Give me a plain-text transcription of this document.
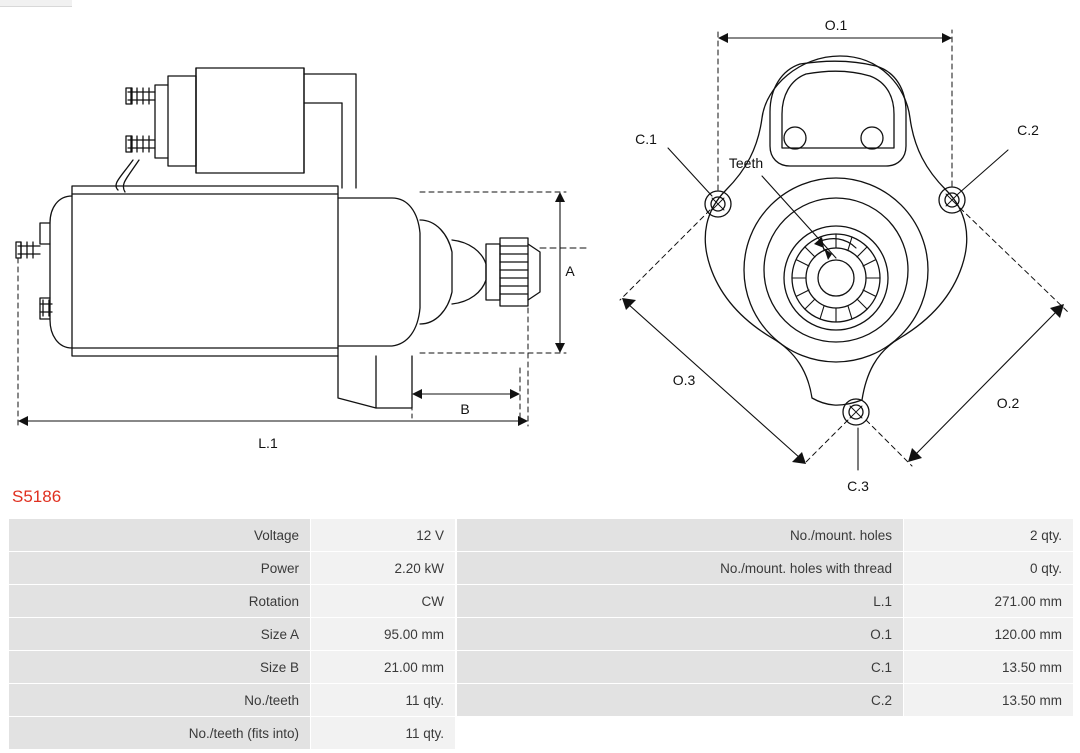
A
B
L.1
O.1
O.2
O.3
C.1
C.2
C.3
Teeth
S5186
Voltage	12 V
Power	2.20 kW
Rotation	CW
Size A	95.00 mm
Size B	21.00 mm
No./teeth	11 qty.
No./teeth (fits into)	11 qty.
No./mount. holes	2 qty.
No./mount. holes with thread	0 qty.
L.1	271.00 mm
O.1	120.00 mm
C.1	13.50 mm
C.2	13.50 mm
